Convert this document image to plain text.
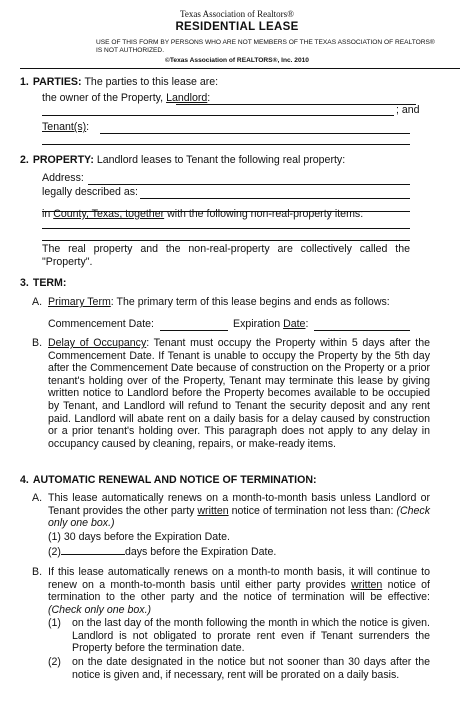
Texas Association of Realtors®
RESIDENTIAL LEASE
USE OF THIS FORM BY PERSONS WHO ARE NOT MEMBERS OF THE TEXAS ASSOCIATION OF REALTORS® IS NOT AUTHORIZED.
©Texas Association of REALTORS®, Inc. 2010
1. PARTIES: The parties to this lease are:
the owner of the Property, Landlord:
; and
Tenant(s):
2. PROPERTY: Landlord leases to Tenant the following real property:
Address:
legally described as:
in County, Texas, together with the following non-real-property items:
The real property and the non-real-property are collectively called the "Property".
3. TERM:
A. Primary Term: The primary term of this lease begins and ends as follows:
Commencement Date:	Expiration Date:
B. Delay of Occupancy: Tenant must occupy the Property within 5 days after the Commencement Date. If Tenant is unable to occupy the Property by the 5th day after the Commencement Date because of construction on the Property or a prior tenant's holding over of the Property, Tenant may terminate this lease by giving written notice to Landlord before the Property becomes available to be occupied by Tenant, and Landlord will refund to Tenant the security deposit and any rent paid. Landlord will abate rent on a daily basis for a delay caused by construction or a prior tenant's holding over. This paragraph does not apply to any delay in occupancy caused by cleaning, repairs, or make-ready items.
4. AUTOMATIC RENEWAL AND NOTICE OF TERMINATION:
A. This lease automatically renews on a month-to-month basis unless Landlord or Tenant provides the other party written notice of termination not less than: (Check only one box.)
(1) 30 days before the Expiration Date.
(2)	days before the Expiration Date.
B. If this lease automatically renews on a month-to month basis, it will continue to renew on a month-to-month basis until either party provides written notice of termination to the other party and the notice of termination will be effective: (Check only one box.)
(1) on the last day of the month following the month in which the notice is given. Landlord is not obligated to prorate rent even if Tenant surrenders the Property before the termination date.
(2) on the date designated in the notice but not sooner than 30 days after the notice is given and, if necessary, rent will be prorated on a daily basis.
